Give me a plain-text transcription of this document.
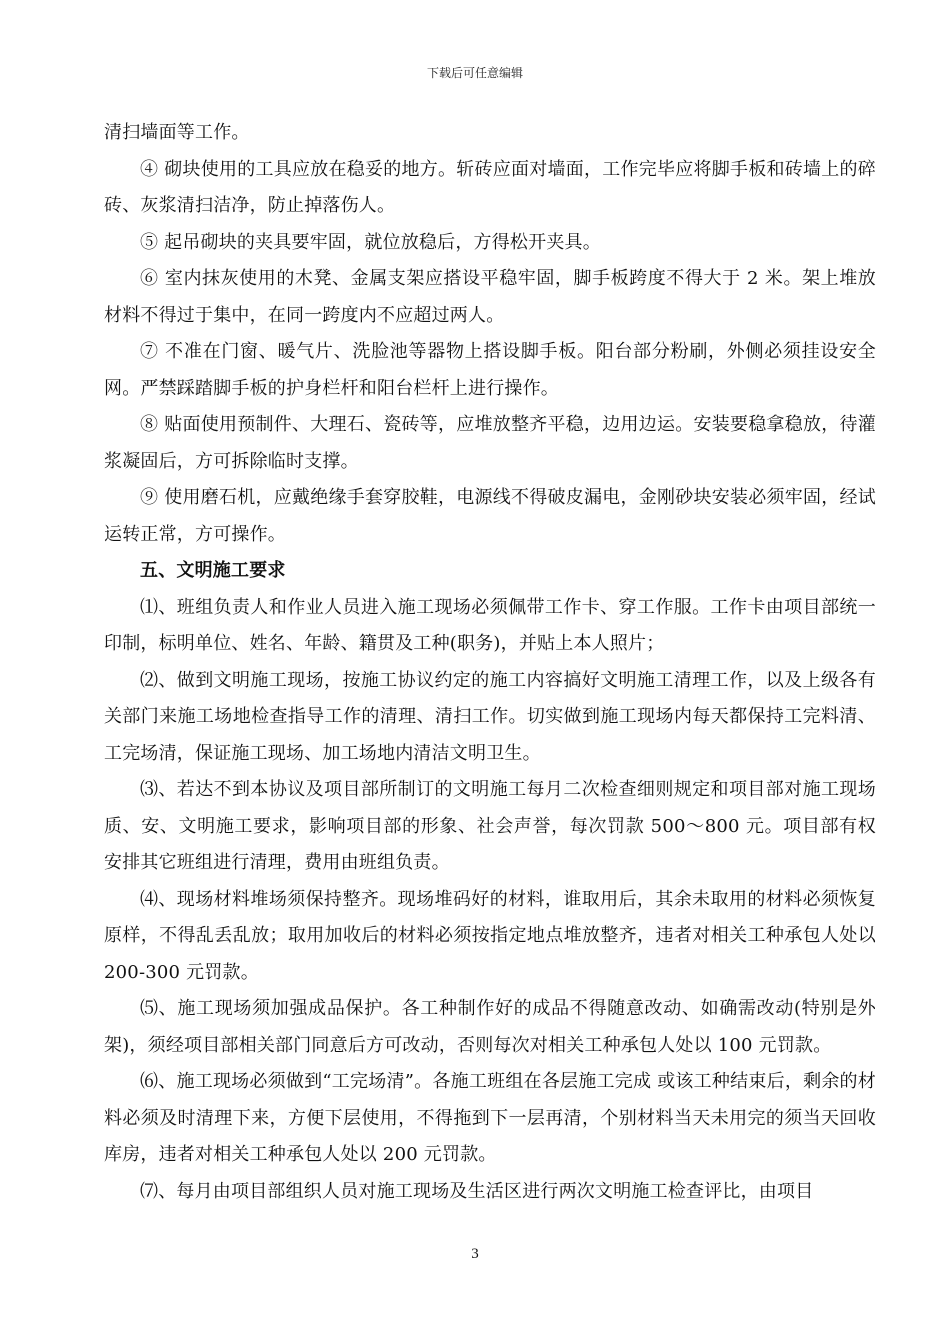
下载后可任意编辑

清扫墙面等工作。

④ 砌块使用的工具应放在稳妥的地方。斩砖应面对墙面，工作完毕应将脚手板和砖墙上的碎砖、灰浆清扫洁净，防止掉落伤人。

⑤ 起吊砌块的夹具要牢固，就位放稳后，方得松开夹具。

⑥ 室内抹灰使用的木凳、金属支架应搭设平稳牢固，脚手板跨度不得大于 2 米。架上堆放材料不得过于集中，在同一跨度内不应超过两人。

⑦ 不准在门窗、暖气片、洗脸池等器物上搭设脚手板。阳台部分粉刷，外侧必须挂设安全网。严禁踩踏脚手板的护身栏杆和阳台栏杆上进行操作。

⑧ 贴面使用预制件、大理石、瓷砖等，应堆放整齐平稳，边用边运。安装要稳拿稳放，待灌浆凝固后，方可拆除临时支撑。

⑨ 使用磨石机，应戴绝缘手套穿胶鞋，电源线不得破皮漏电，金刚砂块安装必须牢固，经试运转正常，方可操作。

五、文明施工要求

⑴、班组负责人和作业人员进入施工现场必须佩带工作卡、穿工作服。工作卡由项目部统一印制，标明单位、姓名、年龄、籍贯及工种(职务)，并贴上本人照片；

⑵、做到文明施工现场，按施工协议约定的施工内容搞好文明施工清理工作，以及上级各有关部门来施工场地检查指导工作的清理、清扫工作。切实做到施工现场内每天都保持工完料清、工完场清，保证施工现场、加工场地内清洁文明卫生。

⑶、若达不到本协议及项目部所制订的文明施工每月二次检查细则规定和项目部对施工现场质、安、文明施工要求，影响项目部的形象、社会声誉，每次罚款 500～800 元。项目部有权安排其它班组进行清理，费用由班组负责。

⑷、现场材料堆场须保持整齐。现场堆码好的材料，谁取用后，其余未取用的材料必须恢复原样，不得乱丢乱放；取用加收后的材料必须按指定地点堆放整齐，违者对相关工种承包人处以 200-300 元罚款。

⑸、施工现场须加强成品保护。各工种制作好的成品不得随意改动、如确需改动(特别是外架)，须经项目部相关部门同意后方可改动，否则每次对相关工种承包人处以 100 元罚款。

⑹、施工现场必须做到“工完场清”。各施工班组在各层施工完成 或该工种结束后，剩余的材料必须及时清理下来，方便下层使用，不得拖到下一层再清，个别材料当天未用完的须当天回收库房，违者对相关工种承包人处以 200 元罚款。

⑺、每月由项目部组织人员对施工现场及生活区进行两次文明施工检查评比，由项目

3
